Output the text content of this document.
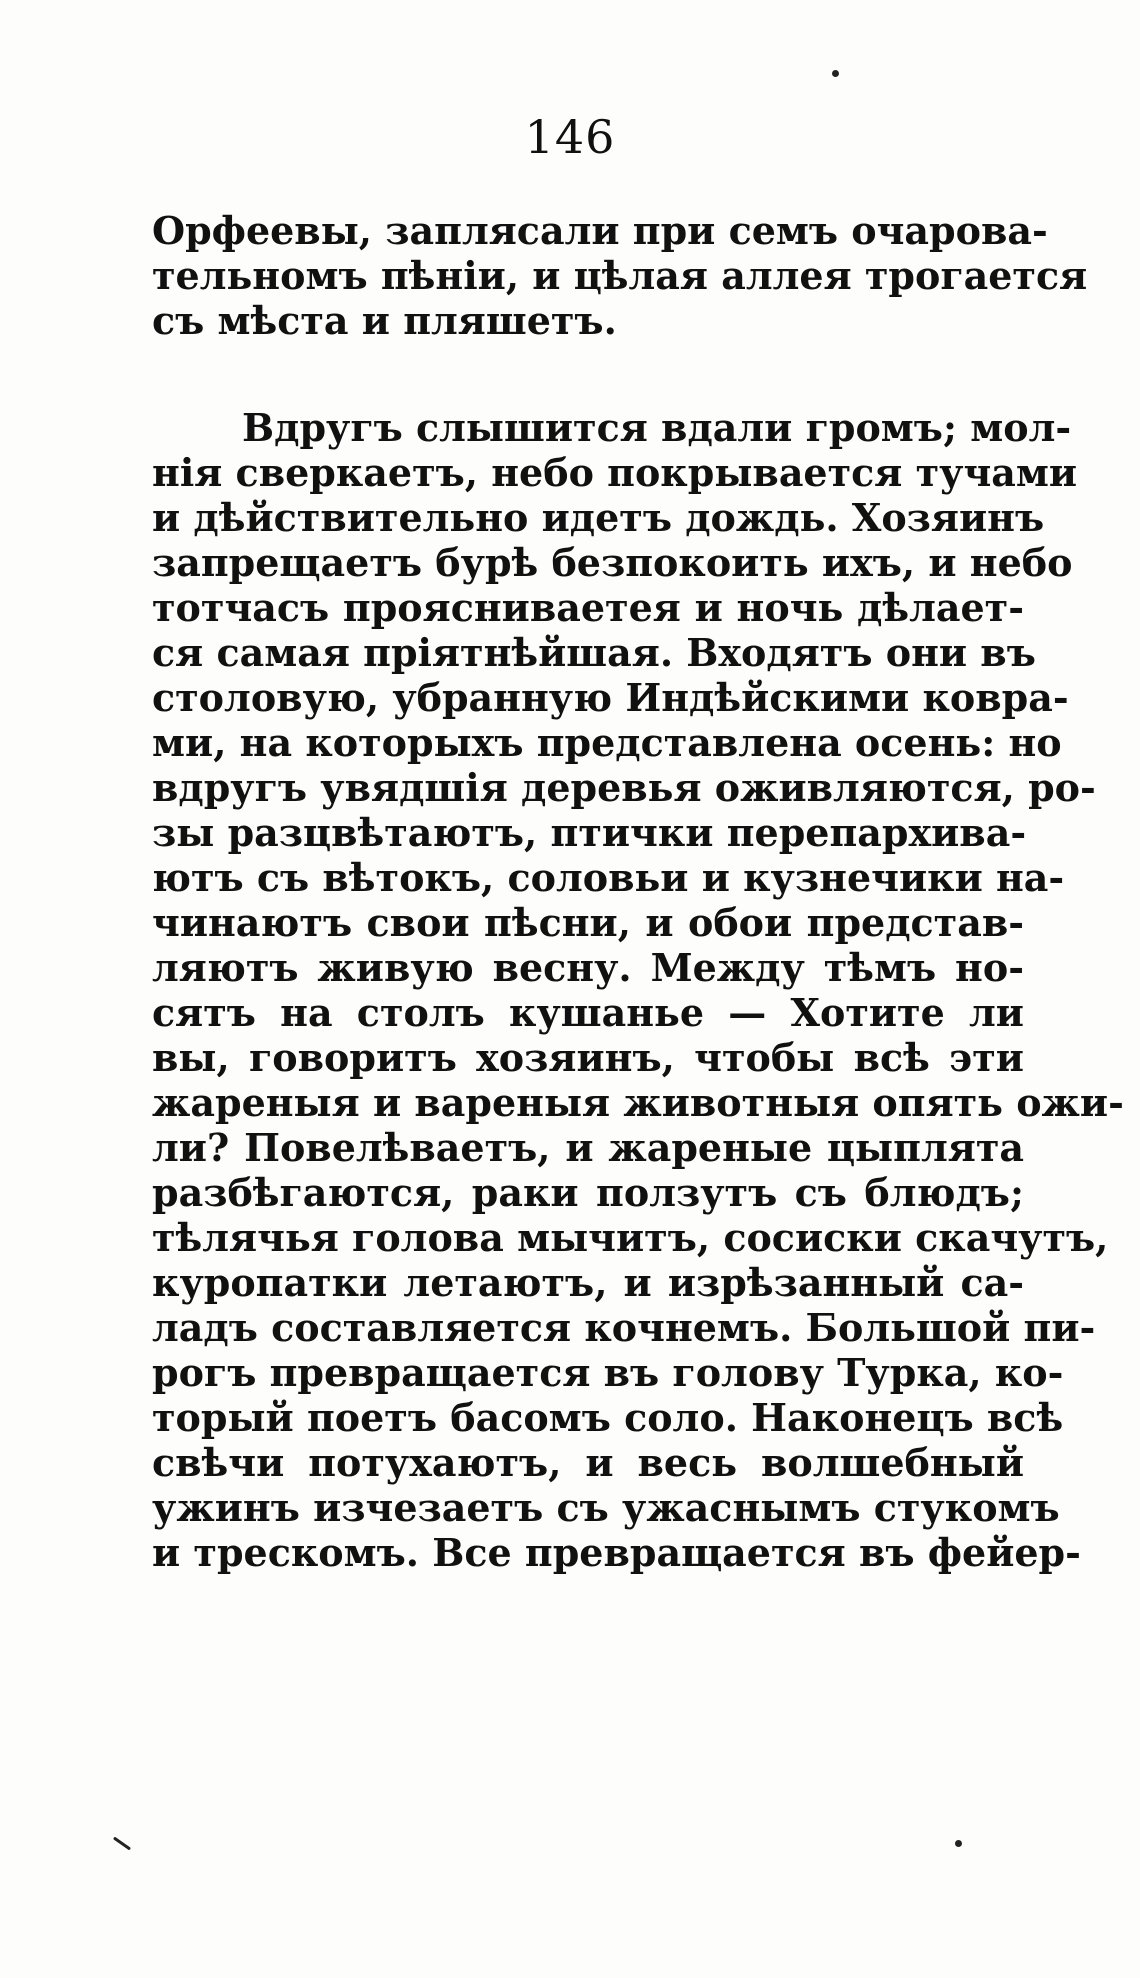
146
Орфеевы, заплясали при семъ очарова-
тельномъ пѣніи, и цѣлая аллея трогается
съ мѣста и пляшетъ.
Вдругъ слышится вдали громъ; мол-
нія сверкаетъ, небо покрывается тучами
и дѣйствительно идетъ дождь. Хозяинъ
запрещаетъ бурѣ безпокоить ихъ, и небо
тотчасъ проясниваетея и ночь дѣлает-
ся самая пріятнѣйшая. Входятъ они въ
столовую, убранную Индѣйскими ковра-
ми, на которыхъ представлена осень: но
вдругъ увядшія деревья оживляются, ро-
зы разцвѣтаютъ, птички перепархива-
ютъ съ вѣтокъ, соловьи и кузнечики на-
чинаютъ свои пѣсни, и обои представ-
ляютъ живую весну. Между тѣмъ но-
сятъ на столъ кушанье — Хотите ли
вы, говоритъ хозяинъ, чтобы всѣ эти
жареныя и вареныя животныя опять ожи-
ли? Повелѣваетъ, и жареные цыплята
разбѣгаются, раки ползутъ съ блюдъ;
тѣлячья голова мычитъ, сосиски скачутъ,
куропатки летаютъ, и изрѣзанный са-
ладъ составляется кочнемъ. Большой пи-
рогъ превращается въ голову Турка, ко-
торый поетъ басомъ соло. Наконецъ всѣ
свѣчи потухаютъ, и весь волшебный
ужинъ изчезаетъ съ ужаснымъ стукомъ
и трескомъ. Все превращается въ фейер-
